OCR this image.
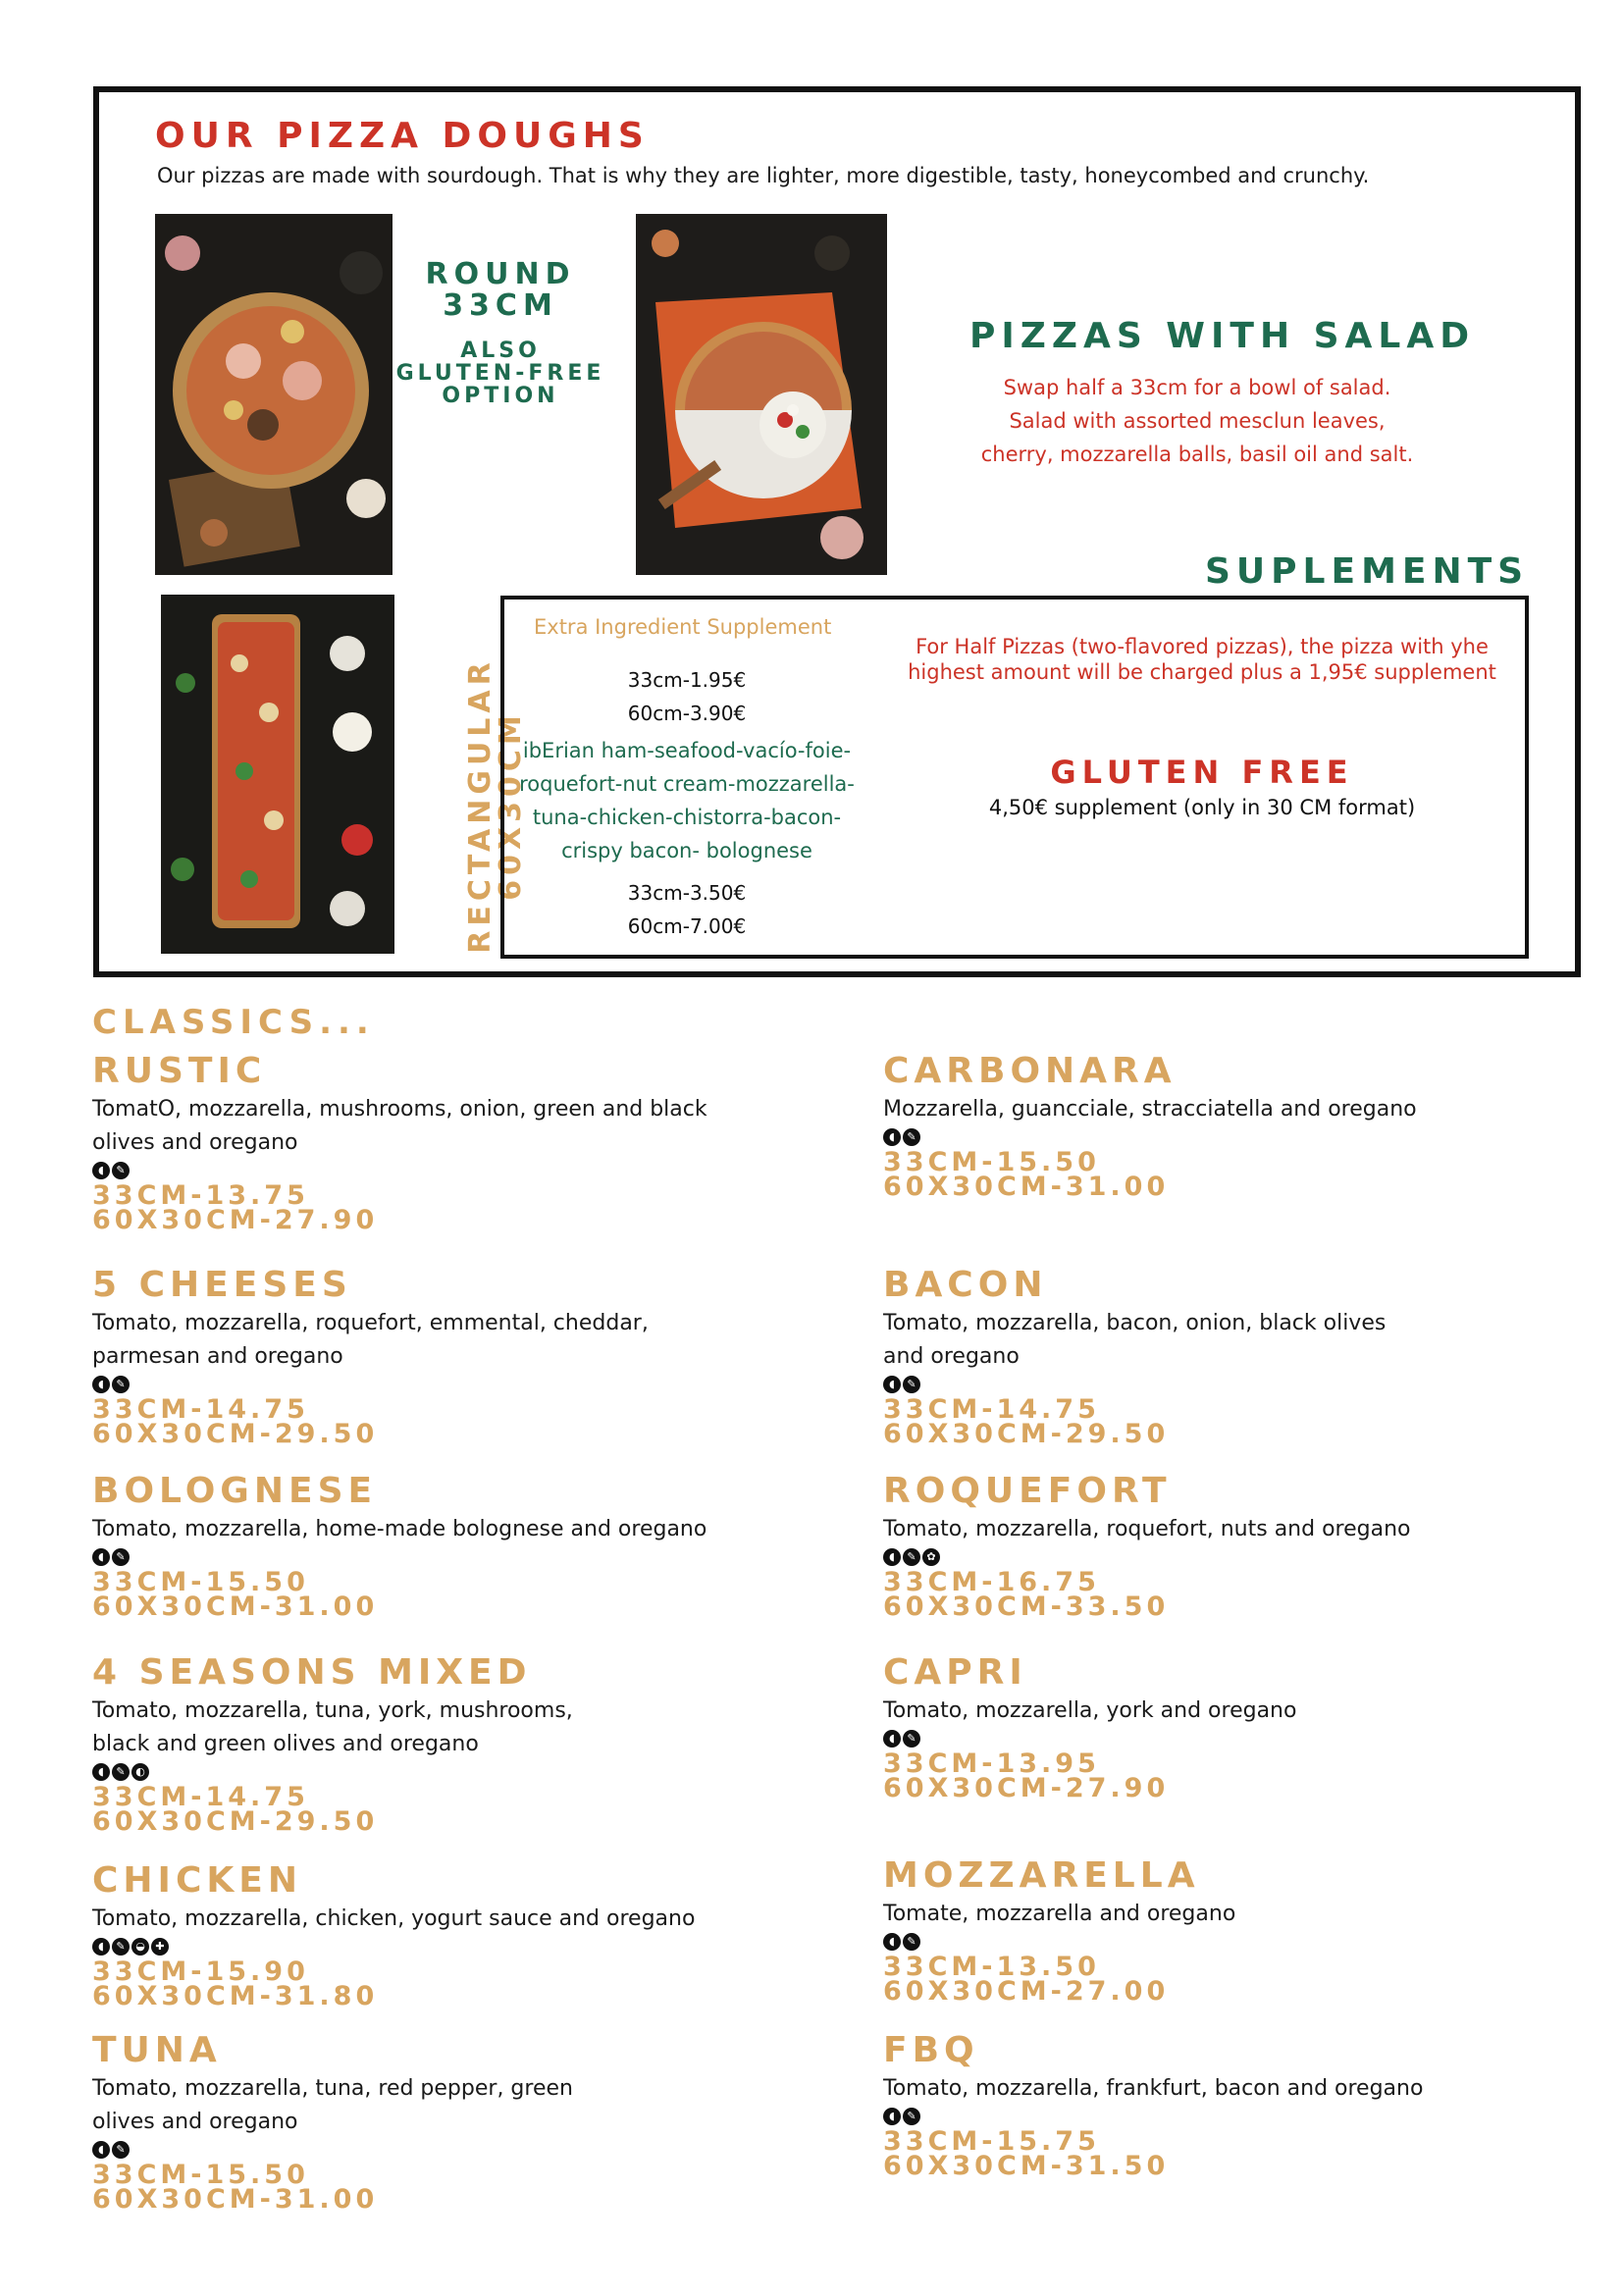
OUR PIZZA DOUGHS
Our pizzas are made with sourdough. That is why they are lighter, more digestible, tasty, honeycombed and crunchy.
ROUND
33CM
ALSO
GLUTEN-FREE
OPTION
PIZZAS WITH SALAD
Swap half a 33cm for a bowl of salad.
Salad with assorted mesclun leaves,
cherry, mozzarella balls, basil oil and salt.
RECTANGULAR
60X30CM
SUPLEMENTS
Extra Ingredient Supplement
33cm-1.95€
60cm-3.90€
ibErian ham-seafood-vacío-foie-
roquefort-nut cream-mozzarella-
tuna-chicken-chistorra-bacon-
crispy bacon- bolognese
33cm-3.50€
60cm-7.00€
For Half Pizzas (two-flavored pizzas), the pizza with yhe
highest amount will be charged plus a 1,95€ supplement
GLUTEN FREE
4,50€ supplement (only in 30 CM format)
CLASSICS...
RUSTIC
TomatO, mozzarella, mushrooms, onion, green and black
olives and oregano
◖	✎
33CM-13.75
60X30CM-27.90
CARBONARA
Mozzarella, guancciale, stracciatella and oregano
◖	✎
33CM-15.50
60X30CM-31.00
5 CHEESES
Tomato, mozzarella, roquefort, emmental, cheddar,
parmesan and oregano
◖	✎
33CM-14.75
60X30CM-29.50
BACON
Tomato, mozzarella, bacon, onion, black olives
and oregano
◖	✎
33CM-14.75
60X30CM-29.50
BOLOGNESE
Tomato, mozzarella, home-made bolognese and oregano
◖	✎
33CM-15.50
60X30CM-31.00
ROQUEFORT
Tomato, mozzarella, roquefort, nuts and oregano
◖	✎ ✿
33CM-16.75
60X30CM-33.50
4 SEASONS MIXED
Tomato, mozzarella, tuna, york, mushrooms,
black and green olives and oregano
◖	✎ ◐
33CM-14.75
60X30CM-29.50
CAPRI
Tomato, mozzarella, york and oregano
◖	✎
33CM-13.95
60X30CM-27.90
CHICKEN
Tomato, mozzarella, chicken, yogurt sauce and oregano
◖	✎ ◒ ✚
33CM-15.90
60X30CM-31.80
MOZZARELLA
Tomate, mozzarella and oregano
◖	✎
33CM-13.50
60X30CM-27.00
TUNA
Tomato, mozzarella, tuna, red pepper, green
olives and oregano
◖	✎
33CM-15.50
60X30CM-31.00
FBQ
Tomato, mozzarella, frankfurt, bacon and oregano
◖	✎
33CM-15.75
60X30CM-31.50
